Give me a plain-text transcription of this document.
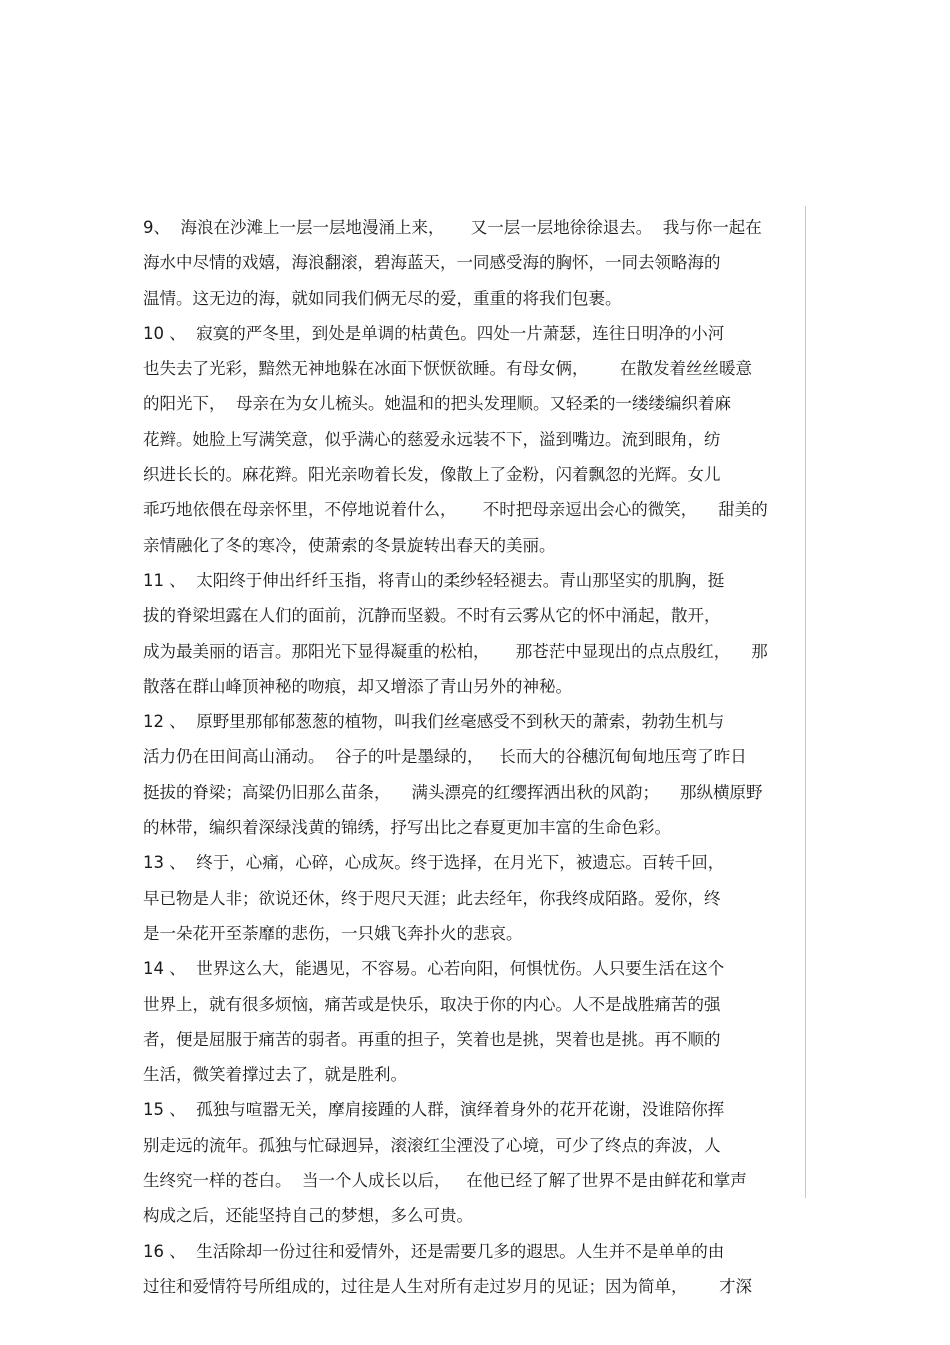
9、  海浪在沙滩上一层一层地漫涌上来，     又一层一层地徐徐退去。  我与你一起在
海水中尽情的戏嬉，海浪翻滚，碧海蓝天，一同感受海的胸怀，一同去领略海的
温情。这无边的海，就如同我们俩无尽的爱，重重的将我们包裹。
10 、  寂寞的严冬里，到处是单调的枯黄色。四处一片萧瑟，连往日明净的小河
也失去了光彩，黯然无神地躲在冰面下恹恹欲睡。有母女俩，      在散发着丝丝暖意
的阳光下，  母亲在为女儿梳头。她温和的把头发理顺。又轻柔的一缕缕编织着麻
花辫。她脸上写满笑意，似乎满心的慈爱永远装不下，溢到嘴边。流到眼角，纺
织进长长的。麻花辫。阳光亲吻着长发，像散上了金粉，闪着飘忽的光辉。女儿
乖巧地依偎在母亲怀里，不停地说着什么，     不时把母亲逗出会心的微笑，    甜美的
亲情融化了冬的寒冷，使萧索的冬景旋转出春天的美丽。
11 、  太阳终于伸出纤纤玉指，将青山的柔纱轻轻褪去。青山那坚实的肌胸，挺
拔的脊梁坦露在人们的面前，沉静而坚毅。不时有云雾从它的怀中涌起，散开，
成为最美丽的语言。那阳光下显得凝重的松柏，     那苍茫中显现出的点点殷红，    那
散落在群山峰顶神秘的吻痕，却又增添了青山另外的神秘。
12 、  原野里那郁郁葱葱的植物，叫我们丝毫感受不到秋天的萧索，勃勃生机与
活力仍在田间高山涌动。  谷子的叶是墨绿的，   长而大的谷穗沉甸甸地压弯了昨日
挺拔的脊梁；高粱仍旧那么苗条，    满头漂亮的红缨挥洒出秋的风韵；    那纵横原野
的林带，编织着深绿浅黄的锦绣，抒写出比之春夏更加丰富的生命色彩。
13 、  终于，心痛，心碎，心成灰。终于选择，在月光下，被遗忘。百转千回，
早已物是人非；欲说还休，终于咫尺天涯；此去经年，你我终成陌路。爱你，终
是一朵花开至荼靡的悲伤，一只娥飞奔扑火的悲哀。
14 、  世界这么大，能遇见，不容易。心若向阳，何惧忧伤。人只要生活在这个
世界上，就有很多烦恼，痛苦或是快乐，取决于你的内心。人不是战胜痛苦的强
者，便是屈服于痛苦的弱者。再重的担子，笑着也是挑，哭着也是挑。再不顺的
生活，微笑着撑过去了，就是胜利。
15 、  孤独与喧嚣无关，摩肩接踵的人群，演绎着身外的花开花谢，没谁陪你挥
别走远的流年。孤独与忙碌迥异，滚滚红尘湮没了心境，可少了终点的奔波，人
生终究一样的苍白。  当一个人成长以后，   在他已经了解了世界不是由鲜花和掌声
构成之后，还能坚持自己的梦想，多么可贵。
16 、  生活除却一份过往和爱情外，还是需要几多的遐思。人生并不是单单的由
过往和爱情符号所组成的，过往是人生对所有走过岁月的见证；因为简单，      才深
